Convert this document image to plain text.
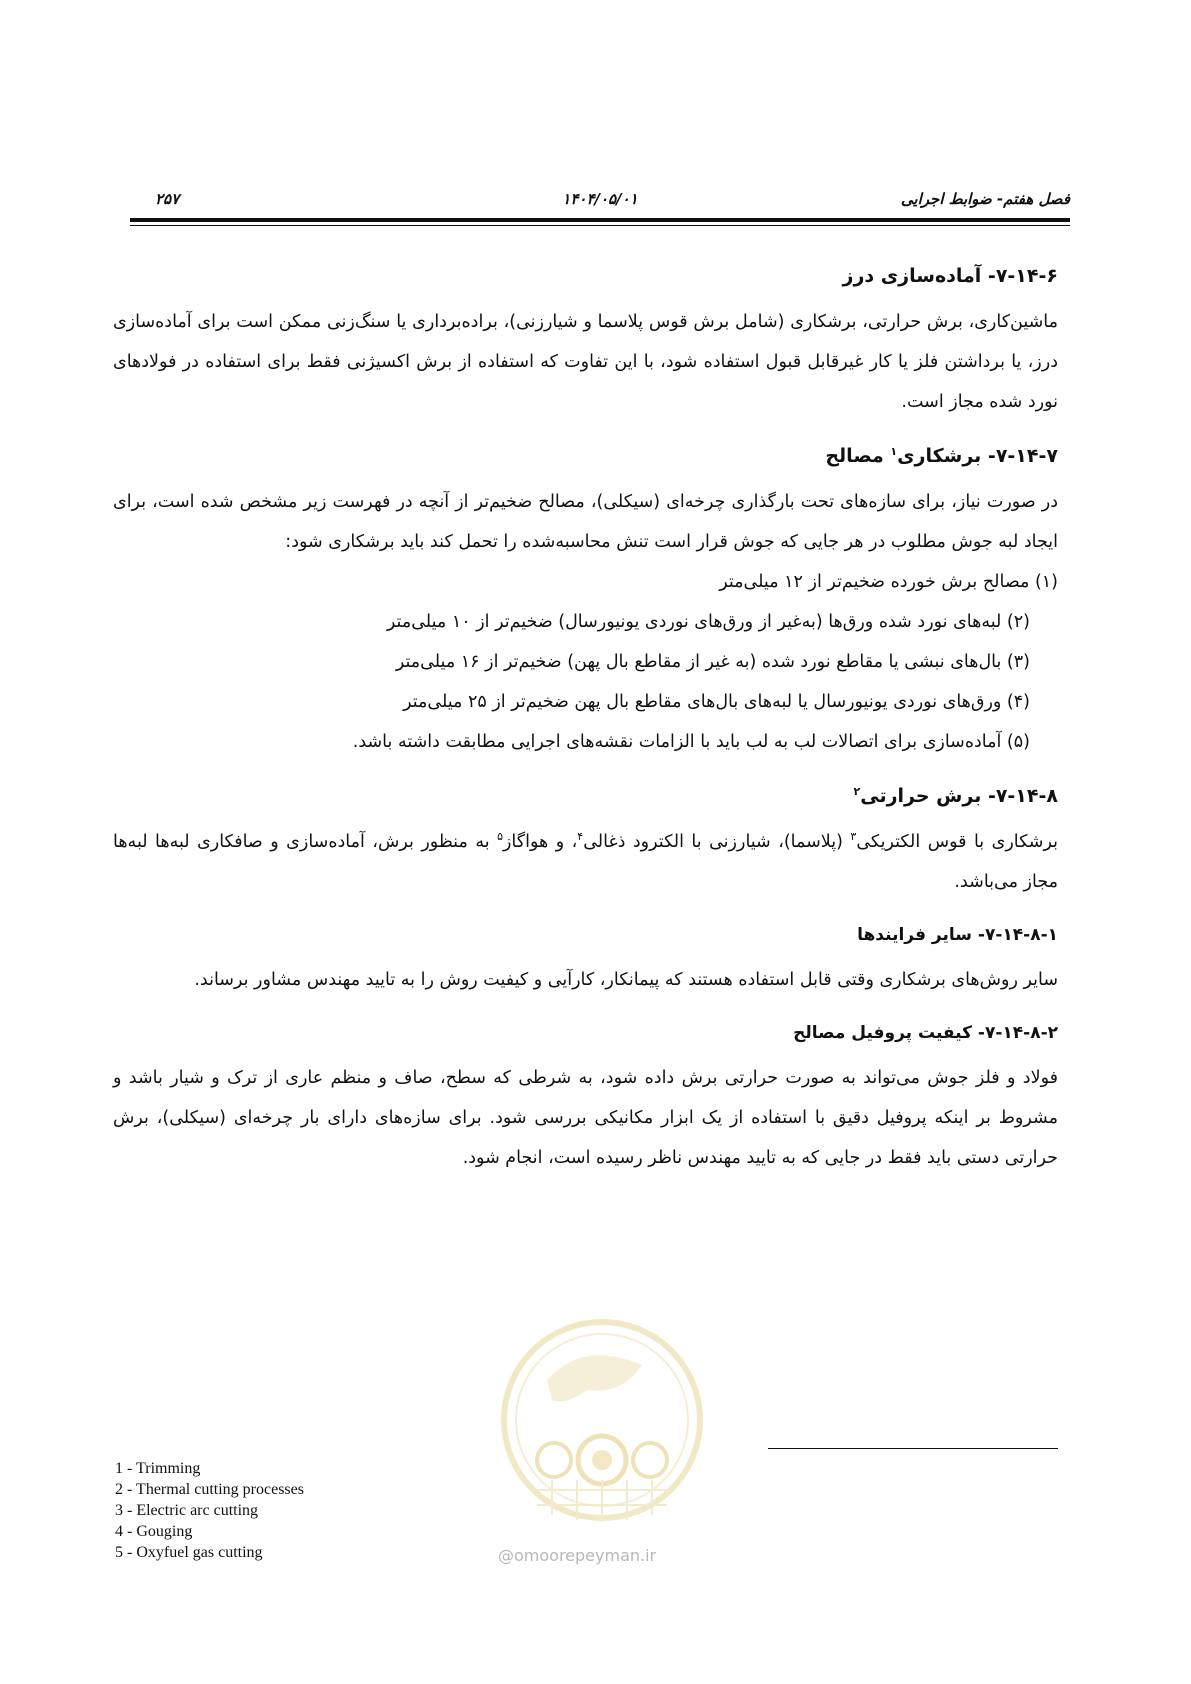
فصل هفتم- ضوابط اجرایی
۱۴۰۴/۰۵/۰۱
۲۵۷
۷-۱۴-۶- آماده‌سازی درز

ماشین‌کاری، برش حرارتی، برشکاری (شامل برش قوس پلاسما و شیارزنی)، براده‌برداری یا سنگ‌زنی ممکن است برای آماده‌سازی درز، یا برداشتن فلز یا کار غیرقابل قبول استفاده شود، با این تفاوت که استفاده از برش اکسیژنی فقط برای استفاده در فولادهای نورد شده مجاز است.

۷-۱۴-۷- برشکاری$^۱$ مصالح

در صورت نیاز، برای سازه‌های تحت بارگذاری چرخه‌ای (سیکلی)، مصالح ضخیم‌تر از آنچه در فهرست زیر مشخص شده است، برای ایجاد لبه جوش مطلوب در هر جایی که جوش قرار است تنش محاسبه‌شده را تحمل کند باید برشکاری شود:

(۱) مصالح برش خورده ضخیم‌تر از ۱۲ میلی‌متر
(۲) لبه‌های نورد شده ورق‌ها (به‌غیر از ورق‌های نوردی یونیورسال) ضخیم‌تر از ۱۰ میلی‌متر
(۳) بال‌های نبشی یا مقاطع نورد شده (به غیر از مقاطع بال پهن) ضخیم‌تر از ۱۶ میلی‌متر
(۴) ورق‌های نوردی یونیورسال یا لبه‌های بال‌های مقاطع بال پهن ضخیم‌تر از ۲۵ میلی‌متر
(۵) آماده‌سازی برای اتصالات لب به لب باید با الزامات نقشه‌های اجرایی مطابقت داشته باشد.
۷-۱۴-۸- برش حرارتی$^۲$

برشکاری با قوس الکتریکی$^۳$ (پلاسما)، شیارزنی با الکترود ذغالی$^۴$، و هواگاز$^۵$ به منظور برش، آماده‌سازی و صافکاری لبه‌ها لبه‌ها مجاز می‌باشد.

۷-۱۴-۸-۱- سایر فرایندها

سایر روش‌های برشکاری وقتی قابل استفاده هستند که پیمانکار، کارآیی و کیفیت روش را به تایید مهندس مشاور برساند.

۷-۱۴-۸-۲- کیفیت پروفیل مصالح

فولاد و فلز جوش می‌تواند به صورت حرارتی برش داده شود، به شرطی که سطح، صاف و منظم عاری از ترک و شیار باشد و مشروط بر اینکه پروفیل دقیق با استفاده از یک ابزار مکانیکی بررسی شود. برای سازه‌های دارای بار چرخه‌ای (سیکلی)، برش حرارتی دستی باید فقط در جایی که به تایید مهندس ناظر رسیده است، انجام شود.

@omoorepeyman.ir
1 - Trimming
2 - Thermal cutting processes
3 - Electric arc cutting
4 - Gouging
5 - Oxyfuel gas cutting
